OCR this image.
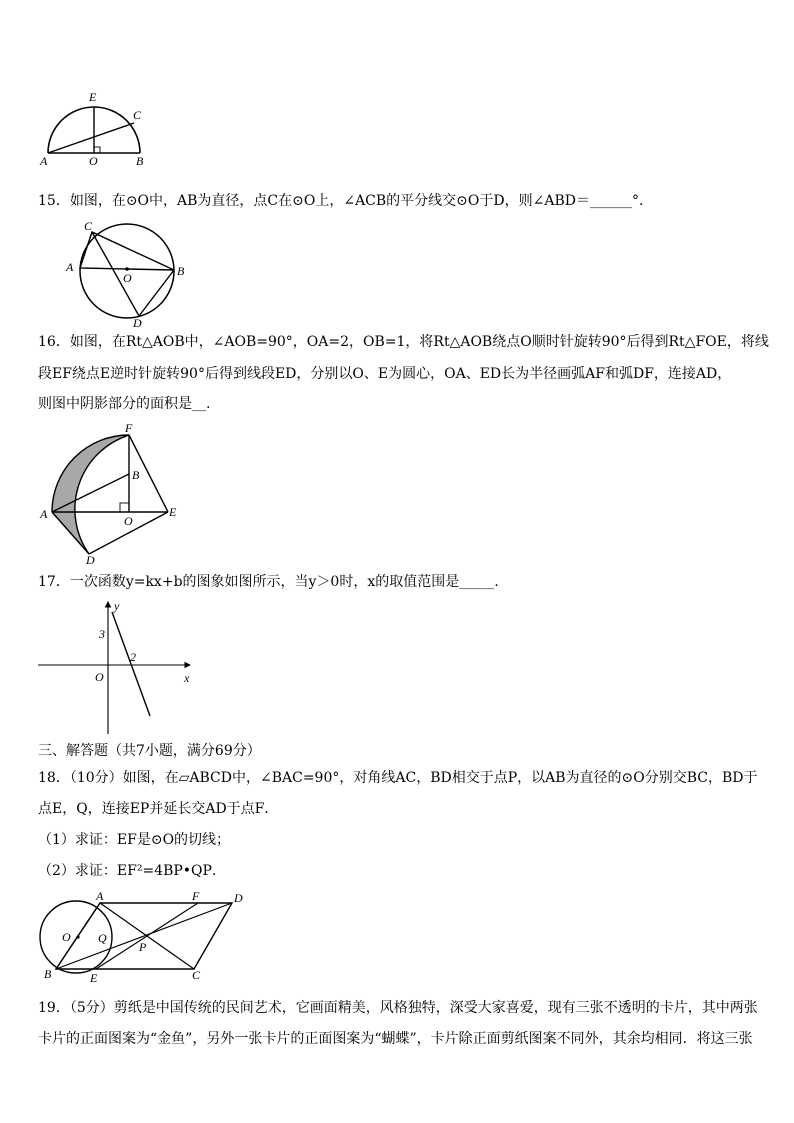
E
C
A	O	B
15．如图，在⊙O中，AB为直径，点C在⊙O上，∠ACB的平分线交⊙O于D，则∠ABD＝______°.
C
A
O	B
D
16．如图，在Rt△AOB中，∠AOB=90°，OA=2，OB=1，将Rt△AOB绕点O顺时针旋转90°后得到Rt△FOE，将线
段EF绕点E逆时针旋转90°后得到线段ED，分别以O、E为圆心，OA、ED长为半径画弧AF和弧DF，连接AD，
则图中阴影部分的面积是__.
F
B
A	O
E
D
17．一次函数y=kx+b的图象如图所示，当y＞0时，x的取值范围是_____.
y
3
2
O	x
三、解答题（共7小题，满分69分）
18．（10分）如图，在▱ABCD中，∠BAC=90°，对角线AC，BD相交于点P，以AB为直径的⊙O分别交BC，BD于
点E，Q，连接EP并延长交AD于点F．
（1）求证：EF是⊙O的切线；
（2）求证：EF²=4BP•QP．
A	F	D
O Q
P
B	E	C
19．（5分）剪纸是中国传统的民间艺术，它画面精美，风格独特，深受大家喜爱，现有三张不透明的卡片，其中两张
卡片的正面图案为“金鱼”，另外一张卡片的正面图案为“蝴蝶”，卡片除正面剪纸图案不同外，其余均相同．将这三张
